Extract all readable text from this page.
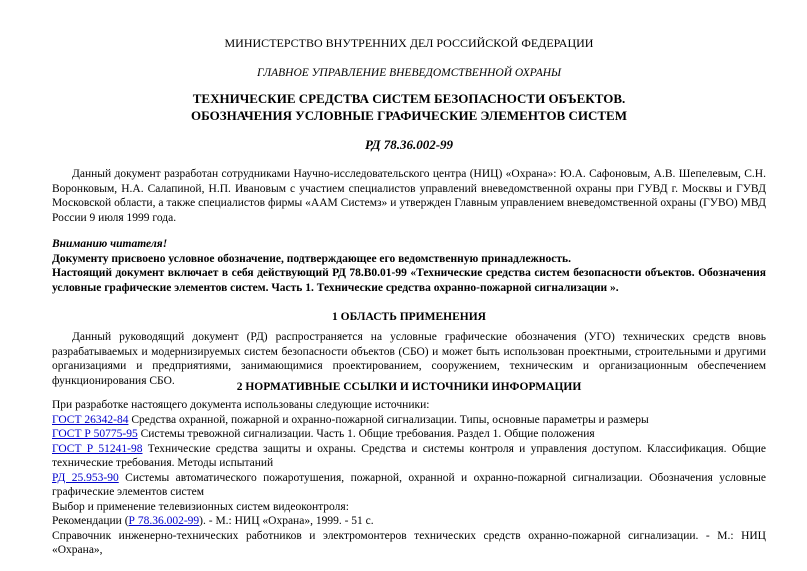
МИНИСТЕРСТВО ВНУТРЕННИХ ДЕЛ РОССИЙСКОЙ ФЕДЕРАЦИИ
ГЛАВНОЕ УПРАВЛЕНИЕ ВНЕВЕДОМСТВЕННОЙ ОХРАНЫ
ТЕХНИЧЕСКИЕ СРЕДСТВА СИСТЕМ БЕЗОПАСНОСТИ ОБЪЕКТОВ.
ОБОЗНАЧЕНИЯ УСЛОВНЫЕ ГРАФИЧЕСКИЕ ЭЛЕМЕНТОВ СИСТЕМ
РД 78.36.002-99
Данный документ разработан сотрудниками Научно-исследовательского центра (НИЦ) «Охрана»: Ю.А. Сафоновым, А.В. Шепелевым, С.Н. Воронковым, Н.А. Салапиной, Н.П. Ивановым с участием специалистов управлений вневедомственной охраны при ГУВД г. Москвы и ГУВД Московской области, а также специалистов фирмы «ААМ Системз» и утвержден Главным управлением вневедомственной охраны (ГУВО) МВД России 9 июля 1999 года.

Вниманию читателя!

Документу присвоено условное обозначение, подтверждающее его ведомственную принадлежность.

Настоящий документ включает в себя действующий РД 78.В0.01-99 «Технические средства систем безопасности объектов. Обозначения условные графические элементов систем. Часть 1. Технические средства охранно-пожарной сигнализации ».

1 ОБЛАСТЬ ПРИМЕНЕНИЯ
Данный руководящий документ (РД) распространяется на условные графические обозначения (УГО) технических средств вновь разрабатываемых и модернизируемых систем безопасности объектов (СБО) и может быть использован проектными, строительными и другими организациями и предприятиями, занимающимися проектированием, сооружением, техническим и организационным обеспечением функционирования СБО.
2 НОРМАТИВНЫЕ ССЫЛКИ И ИСТОЧНИКИ ИНФОРМАЦИИ

При разработке настоящего документа использованы следующие источники:

ГОСТ 26342-84 Средства охранной, пожарной и охранно-пожарной сигнализации. Типы, основные параметры и размеры

ГОСТ Р 50775-95 Системы тревожной сигнализации. Часть 1. Общие требования. Раздел 1. Общие положения

ГОСТ Р 51241-98 Технические средства защиты и охраны. Средства и системы контроля и управления доступом. Классификация. Общие технические требования. Методы испытаний

РД 25.953-90 Системы автоматического пожаротушения, пожарной, охранной и охранно-пожарной сигнализации. Обозначения условные графические элементов систем

Выбор и применение телевизионных систем видеоконтроля:

Рекомендации (Р 78.36.002-99). - М.: НИЦ «Охрана», 1999. - 51 с.

Справочник инженерно-технических работников и электромонтеров технических средств охранно-пожарной сигнализации. - М.: НИЦ «Охрана»,
